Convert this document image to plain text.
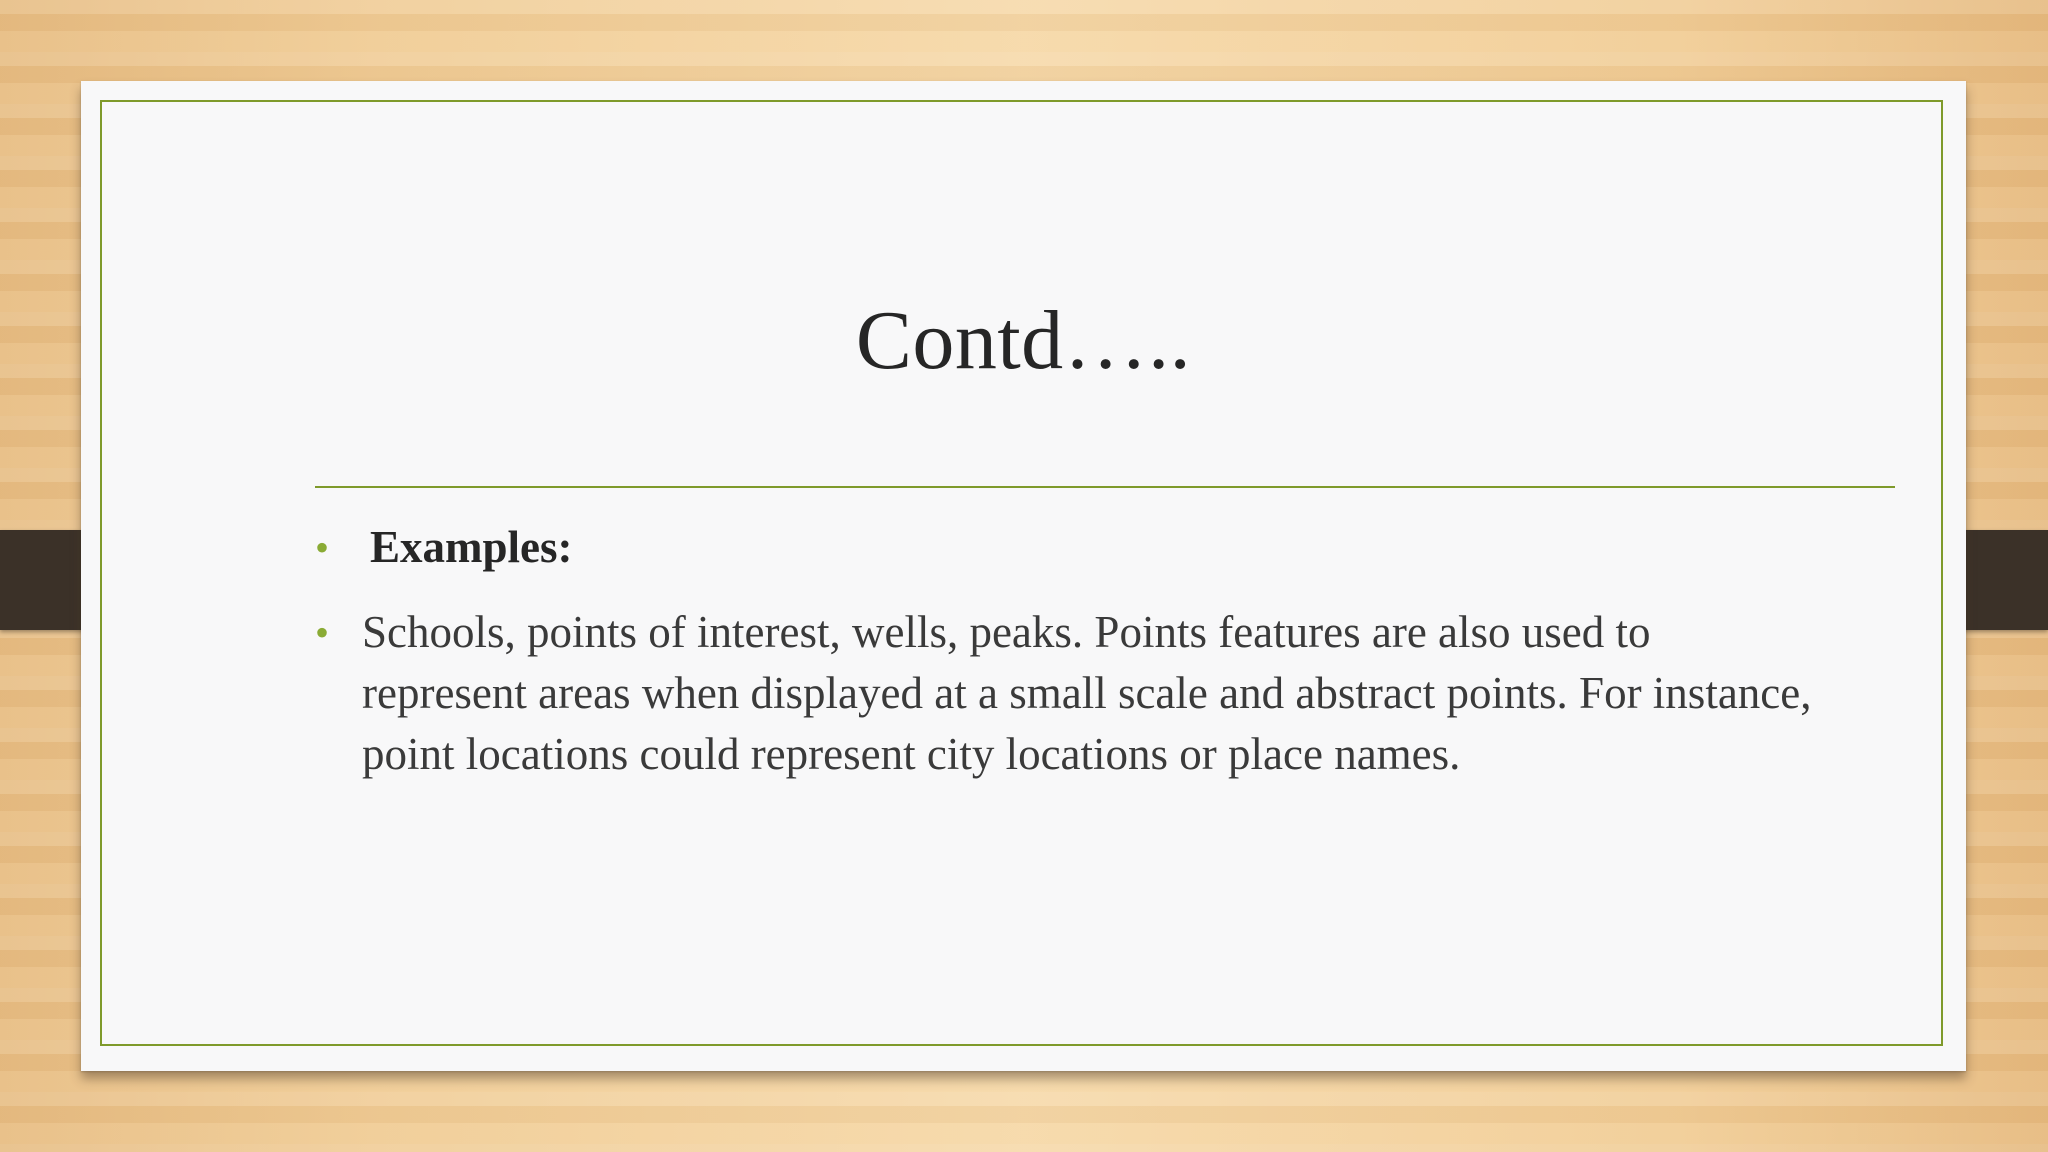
Contd…..
• Examples:
• Schools, points of interest, wells, peaks. Points features are also used to represent areas when displayed at a small scale and abstract points. For instance, point locations could represent city locations or place names.
